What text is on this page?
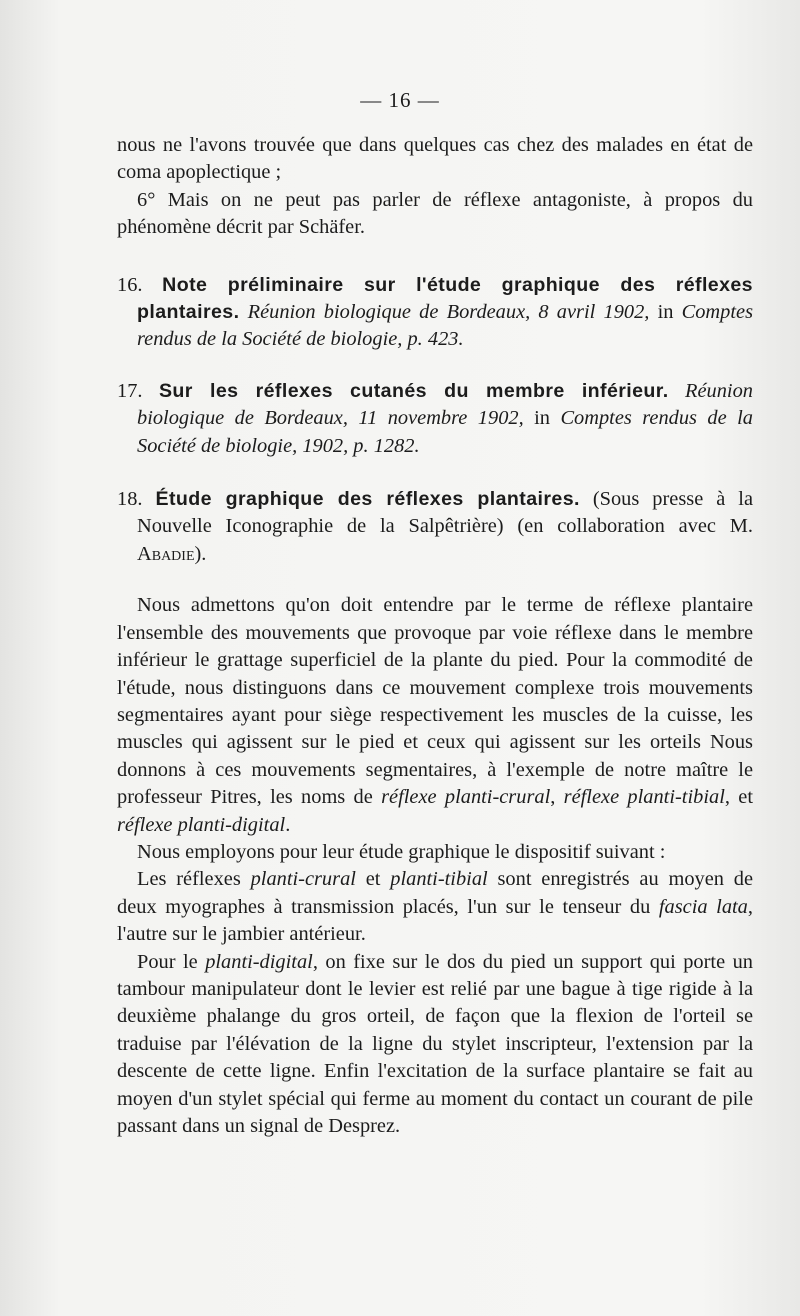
— 16 —

nous ne l'avons trouvée que dans quelques cas chez des malades en état de coma apoplectique ;

6° Mais on ne peut pas parler de réflexe antagoniste, à propos du phénomène décrit par Schäfer.

16. Note préliminaire sur l'étude graphique des réflexes plantaires. Réunion biologique de Bordeaux, 8 avril 1902, in Comptes rendus de la Société de biologie, p. 423.

17. Sur les réflexes cutanés du membre inférieur. Réunion biologique de Bordeaux, 11 novembre 1902, in Comptes rendus de la Société de biologie, 1902, p. 1282.

18. Étude graphique des réflexes plantaires. (Sous presse à la Nouvelle Iconographie de la Salpêtrière) (en collaboration avec M. Abadie).

Nous admettons qu'on doit entendre par le terme de réflexe plantaire l'ensemble des mouvements que provoque par voie réflexe dans le membre inférieur le grattage superficiel de la plante du pied. Pour la commodité de l'étude, nous distinguons dans ce mouvement complexe trois mouvements segmentaires ayant pour siège respectivement les muscles de la cuisse, les muscles qui agissent sur le pied et ceux qui agissent sur les orteils Nous donnons à ces mouvements segmentaires, à l'exemple de notre maître le professeur Pitres, les noms de réflexe planti-crural, réflexe planti-tibial, et réflexe planti-digital.

Nous employons pour leur étude graphique le dispositif suivant :

Les réflexes planti-crural et planti-tibial sont enregistrés au moyen de deux myographes à transmission placés, l'un sur le tenseur du fascia lata, l'autre sur le jambier antérieur.

Pour le planti-digital, on fixe sur le dos du pied un support qui porte un tambour manipulateur dont le levier est relié par une bague à tige rigide à la deuxième phalange du gros orteil, de façon que la flexion de l'orteil se traduise par l'élévation de la ligne du stylet inscripteur, l'extension par la descente de cette ligne. Enfin l'excitation de la surface plantaire se fait au moyen d'un stylet spécial qui ferme au moment du contact un courant de pile passant dans un signal de Desprez.
